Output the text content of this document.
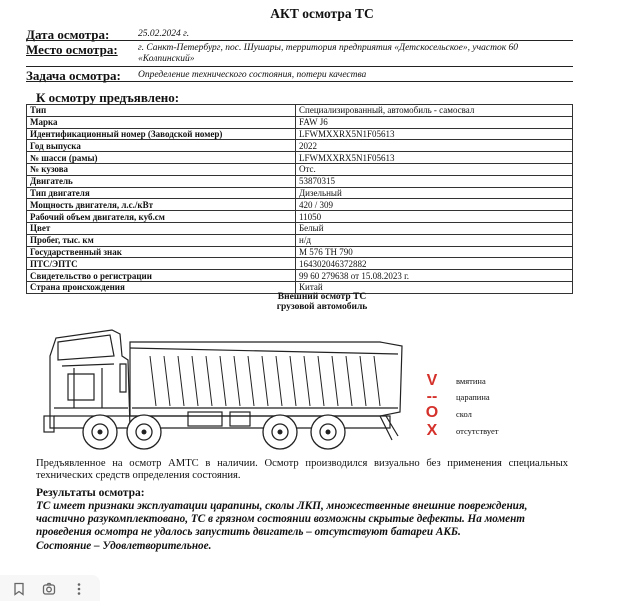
АКТ осмотра ТС
Дата осмотра:	25.02.2024 г.
Место осмотра: г. Санкт-Петербург, пос. Шушары, территория предприятия «Детскосельское», участок 60
«Колпинский»
Задача осмотра: Определение технического состояния, потери качества
К осмотру предъявлено:
Тип	Специализированный, автомобиль - самосвал
Марка	FAW J6
Идентификационный номер (Заводской номер)	LFWMXXRX5N1F05613
Год выпуска	2022
№ шасси (рамы)	LFWMXXRX5N1F05613
№ кузова	Отс.
Двигатель	53870315
Тип двигателя	Дизельный
Мощность двигателя, л.с./кВт	420 / 309
Рабочий объем двигателя, куб.см	11050
Цвет	Белый
Пробег, тыс. км	н/д
Государственный знак	М 576 ТН 790
ПТС/ЭПТС	164302046372882
Свидетельство о регистрации	99 60 279638 от 15.08.2023 г.
Страна происхождения	Китай
Внешний осмотр ТС
грузовой автомобиль
V	вмятина
--	царапина
O	скол
X	отсутствует
Предъявленное на осмотр АМТС в наличии. Осмотр производился визуально без применения специальных технических средств определения состояния.
Результаты осмотра:
ТС имеет признаки эксплуатации царапины, сколы ЛКП, множественные внешние повреждения, частично разукомплектовано, ТС в грязном состоянии возможны скрытые дефекты. На момент проведения осмотра не удалось запустить двигатель – отсутствуют батареи АКБ.
Состояние – Удовлетворительное.
